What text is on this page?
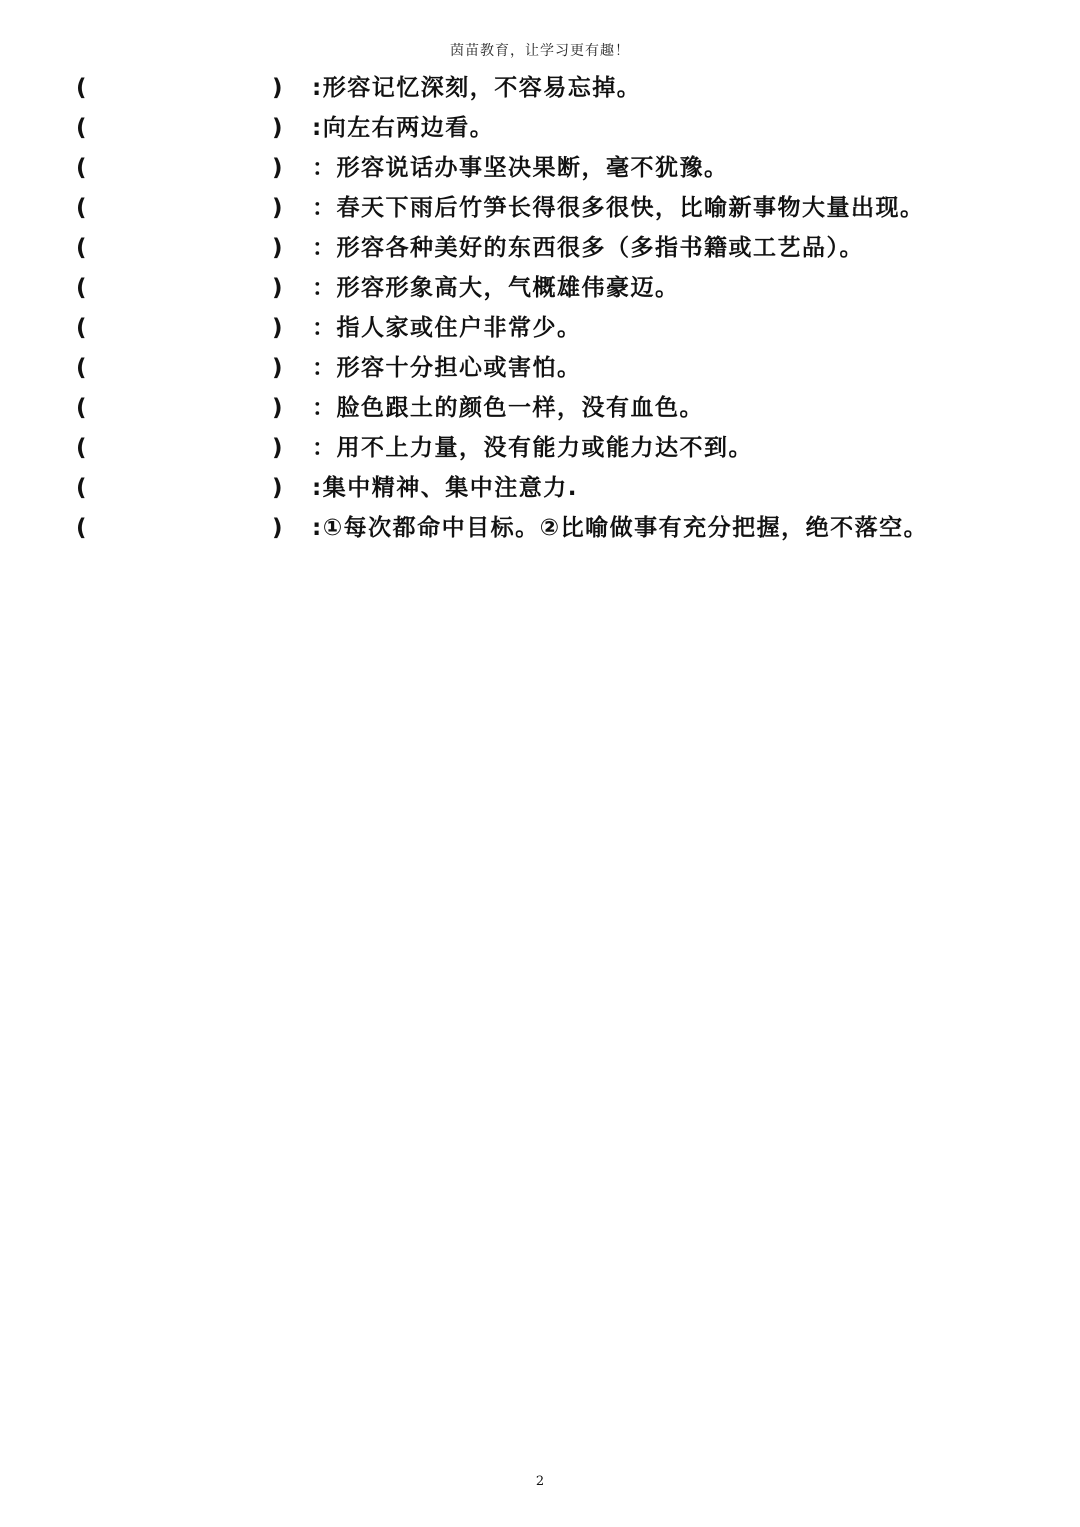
茵苗教育，让学习更有趣！
(	) :形容记忆深刻，不容易忘掉。
(	) :向左右两边看。
(	) ：形容说话办事坚决果断，毫不犹豫。
(	) ：春天下雨后竹笋长得很多很快，比喻新事物大量出现。
(	) ：形容各种美好的东西很多（多指书籍或工艺品）。
(	) ：形容形象高大，气概雄伟豪迈。
(	) ：指人家或住户非常少。
(	) ：形容十分担心或害怕。
(	) ：脸色跟土的颜色一样，没有血色。
(	) ：用不上力量，没有能力或能力达不到。
(	) :集中精神、集中注意力.
(	) :①每次都命中目标。②比喻做事有充分把握，绝不落空。
2
